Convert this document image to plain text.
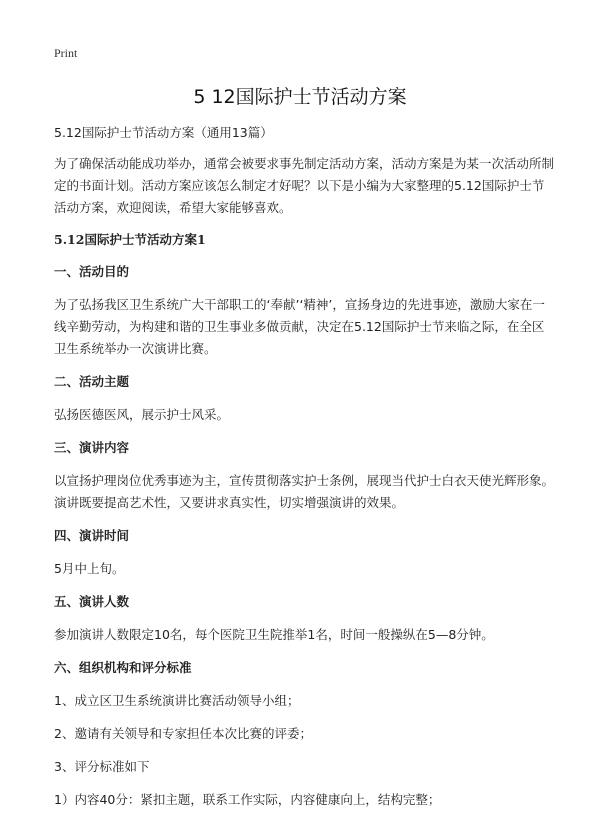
Print
5 12国际护士节活动方案

5.12国际护士节活动方案（通用13篇）

为了确保活动能成功举办，通常会被要求事先制定活动方案，活动方案是为某一次活动所制定的书面计划。活动方案应该怎么制定才好呢？以下是小编为大家整理的5.12国际护士节活动方案，欢迎阅读，希望大家能够喜欢。

5.12国际护士节活动方案1

一、活动目的

为了弘扬我区卫生系统广大干部职工的‘奉献’‘精神’，宣扬身边的先进事迹，激励大家在一线辛勤劳动，为构建和谐的卫生事业多做贡献，决定在5.12国际护士节来临之际，在全区卫生系统举办一次演讲比赛。

二、活动主题

弘扬医德医风，展示护士风采。

三、演讲内容

以宣扬护理岗位优秀事迹为主，宣传贯彻落实护士条例，展现当代护士白衣天使光辉形象。演讲既要提高艺术性，又要讲求真实性，切实增强演讲的效果。

四、演讲时间

5月中上旬。

五、演讲人数

参加演讲人数限定10名，每个医院卫生院推举1名，时间一般操纵在5—8分钟。

六、组织机构和评分标准

1、成立区卫生系统演讲比赛活动领导小组；

2、邀请有关领导和专家担任本次比赛的评委；

3、评分标准如下

1）内容40分：紧扣主题，联系工作实际，内容健康向上，结构完整；
